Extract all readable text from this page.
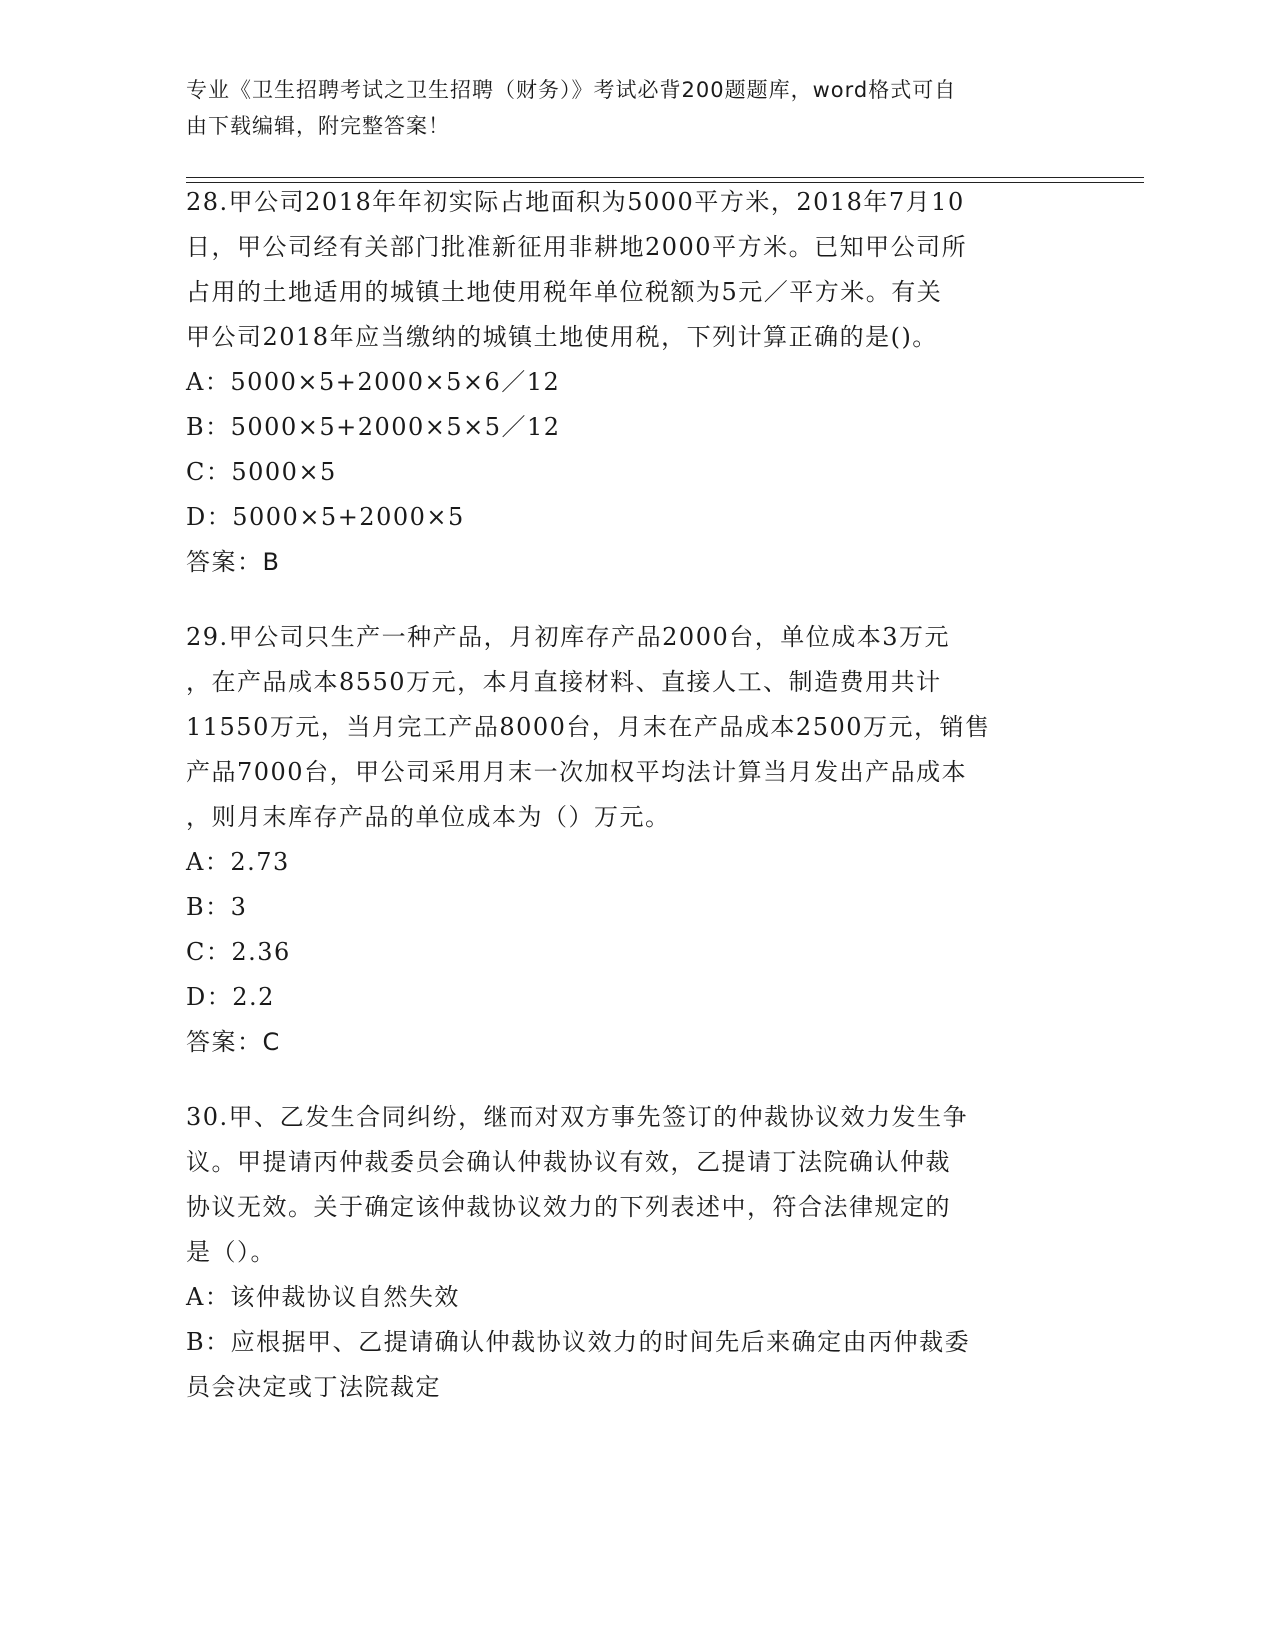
专业《卫生招聘考试之卫生招聘（财务）》考试必背200题题库，word格式可自
由下载编辑，附完整答案！
28.甲公司2018年年初实际占地面积为5000平方米，2018年7月10
日，甲公司经有关部门批准新征用非耕地2000平方米。已知甲公司所
占用的土地适用的城镇土地使用税年单位税额为5元／平方米。有关
甲公司2018年应当缴纳的城镇土地使用税，下列计算正确的是()。
A：5000×5+2000×5×6／12
B：5000×5+2000×5×5／12
C：5000×5
D：5000×5+2000×5
答案：B
29.甲公司只生产一种产品，月初库存产品2000台，单位成本3万元
，在产品成本8550万元，本月直接材料、直接人工、制造费用共计
11550万元，当月完工产品8000台，月末在产品成本2500万元，销售
产品7000台，甲公司采用月末一次加权平均法计算当月发出产品成本
，则月末库存产品的单位成本为（）万元。
A：2.73
B：3
C：2.36
D：2.2
答案：C
30.甲、乙发生合同纠纷，继而对双方事先签订的仲裁协议效力发生争
议。甲提请丙仲裁委员会确认仲裁协议有效，乙提请丁法院确认仲裁
协议无效。关于确定该仲裁协议效力的下列表述中，符合法律规定的
是（）。
A：该仲裁协议自然失效
B：应根据甲、乙提请确认仲裁协议效力的时间先后来确定由丙仲裁委
员会决定或丁法院裁定
